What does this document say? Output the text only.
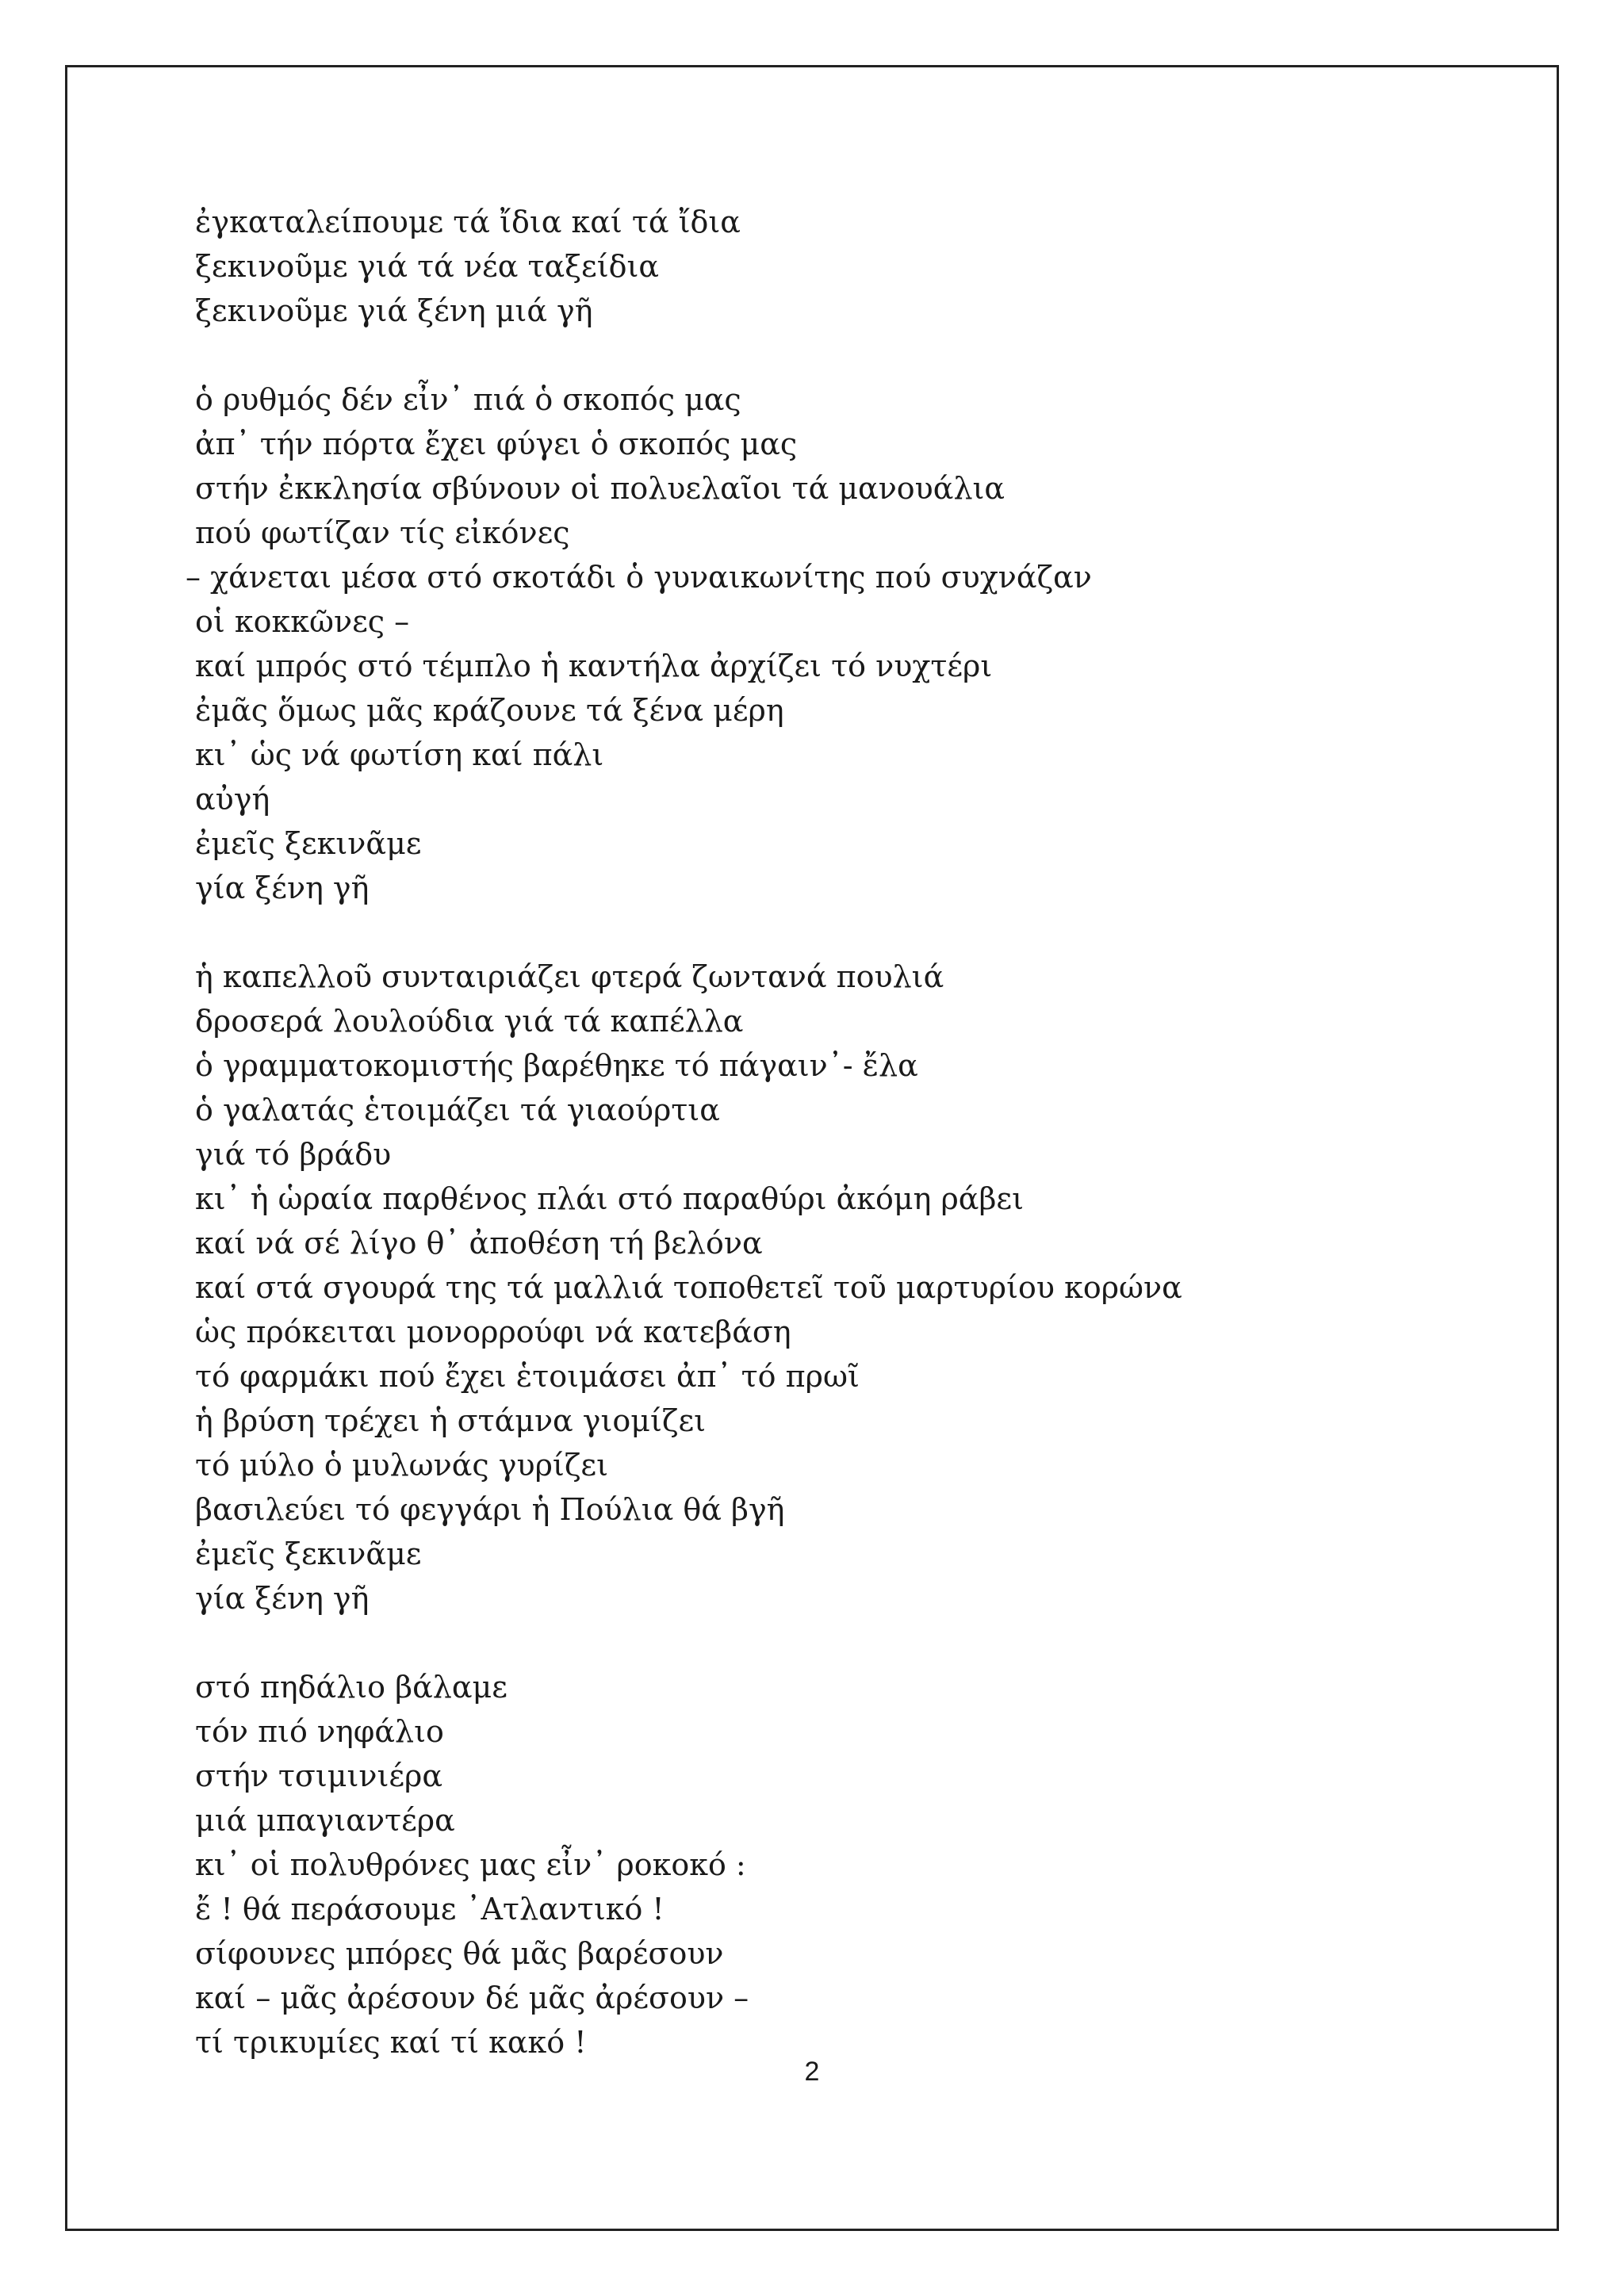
ἐγκαταλείπουμε τά ἴδια καί τά ἴδια
ξεκινοῦμε γιά τά νέα ταξείδια
ξεκινοῦμε γιά ξένη μιά γῆ
ὁ ρυθμός δέν εἶν᾽ πιά ὁ σκοπός μας
ἀπ᾽ τήν πόρτα ἔχει φύγει ὁ σκοπός μας
στήν ἐκκλησία σβύνουν οἱ πολυελαῖοι τά μανουάλια
πού φωτίζαν τίς εἰκόνες
– χάνεται μέσα στό σκοτάδι ὁ γυναικωνίτης πού συχνάζαν
οἱ κοκκῶνες –
καί μπρός στό τέμπλο ἡ καντήλα ἀρχίζει τό νυχτέρι
ἐμᾶς ὅμως μᾶς κράζουνε τά ξένα μέρη
κι᾽ ὡς νά φωτίση καί πάλι
αὐγή
ἐμεῖς ξεκινᾶμε
γία ξένη γῆ
ἡ καπελλοῦ συνταιριάζει φτερά ζωντανά πουλιά
δροσερά λουλούδια γιά τά καπέλλα
ὁ γραμματοκομιστής βαρέθηκε τό πάγαιν᾽- ἔλα
ὁ γαλατάς ἑτοιμάζει τά γιαούρτια
γιά τό βράδυ
κι᾽ ἡ ὡραία παρθένος πλάι στό παραθύρι ἀκόμη ράβει
καί νά σέ λίγο θ᾽ ἀποθέση τή βελόνα
καί στά σγουρά της τά μαλλιά τοποθετεῖ τοῦ μαρτυρίου κορώνα
ὡς πρόκειται μονορρούφι νά κατεβάση
τό φαρμάκι πού ἔχει ἑτοιμάσει ἀπ᾽ τό πρωῖ
ἡ βρύση τρέχει ἡ στάμνα γιομίζει
τό μύλο ὁ μυλωνάς γυρίζει
βασιλεύει τό φεγγάρι ἡ Πούλια θά βγῆ
ἐμεῖς ξεκινᾶμε
γία ξένη γῆ
στό πηδάλιο βάλαμε
τόν πιό νηφάλιο
στήν τσιμινιέρα
μιά μπαγιαντέρα
κι᾽ οἱ πολυθρόνες μας εἶν᾽ ροκοκό :
ἔ ! θά περάσουμε ᾽Ατλαντικό !
σίφουνες μπόρες θά μᾶς βαρέσουν
καί – μᾶς ἀρέσουν δέ μᾶς ἀρέσουν –
τί τρικυμίες καί τί κακό !
2
